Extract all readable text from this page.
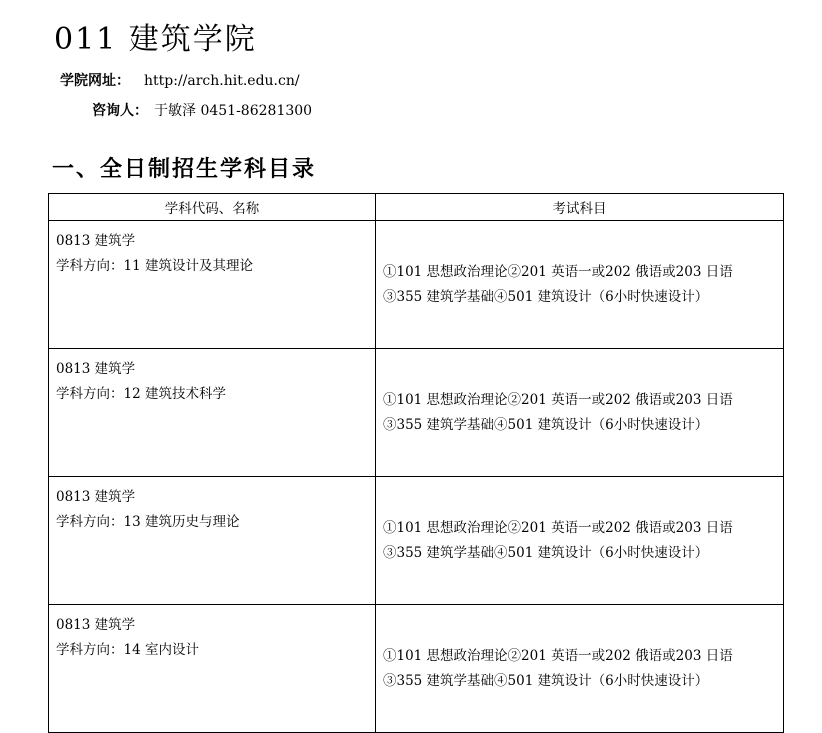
011 建筑学院
学院网址： http://arch.hit.edu.cn/
咨询人： 于敏泽 0451-86281300
一、全日制招生学科目录
学科代码、名称	考试科目

0813 建筑学
学科方向：11 建筑设计及其理论	①101 思想政治理论②201 英语一或202 俄语或203 日语
③355 建筑学基础④501 建筑设计（6小时快速设计）

0813 建筑学
学科方向：12 建筑技术科学	①101 思想政治理论②201 英语一或202 俄语或203 日语
③355 建筑学基础④501 建筑设计（6小时快速设计）

0813 建筑学
学科方向：13 建筑历史与理论	①101 思想政治理论②201 英语一或202 俄语或203 日语
③355 建筑学基础④501 建筑设计（6小时快速设计）

0813 建筑学
学科方向：14 室内设计	①101 思想政治理论②201 英语一或202 俄语或203 日语
③355 建筑学基础④501 建筑设计（6小时快速设计）
